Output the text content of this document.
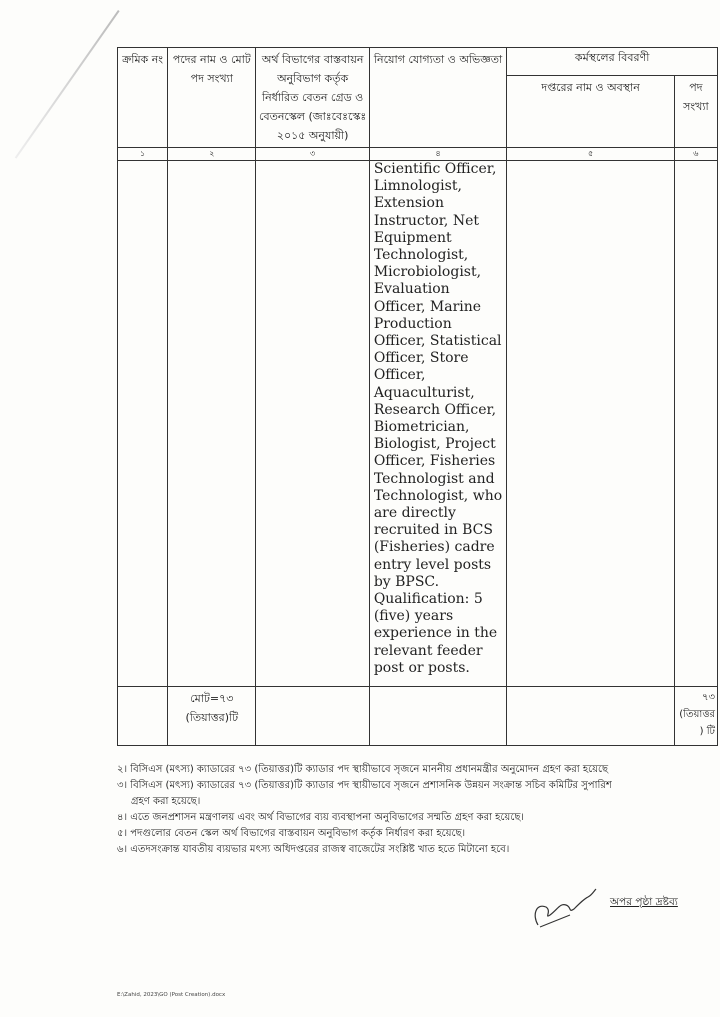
ক্রমিক নং	পদের নাম ও মোট পদ সংখ্যা	অর্থ বিভাগের বাস্তবায়ন অনুবিভাগ কর্তৃক নির্ধারিত বেতন গ্রেড ও বেতনস্কেল (জাঃবেঃস্কেঃ ২০১৫ অনুযায়ী)	নিয়োগ যোগ্যতা ও অভিজ্ঞতা	কর্মস্থলের বিবরণী	
				দপ্তরের নাম ও অবস্থান	পদ সংখ্যা
১	২	৩	৪	৫	৬

			Scientific Officer, Limnologist, Extension Instructor, Net Equipment Technologist, Microbiologist, Evaluation Officer, Marine Production Officer, Statistical Officer, Store Officer, Aquaculturist, Research Officer, Biometrician, Biologist, Project Officer, Fisheries Technologist and Technologist, who are directly recruited in BCS (Fisheries) cadre entry level posts by BPSC.
Qualification: 5 (five) years experience in the relevant feeder post or posts.		

	মোট=৭৩ (তিয়াত্তর)টি				৭৩ (তিয়াত্তর) টি
২। বিসিএস (মৎস্য) ক্যাডারের ৭৩ (তিয়াত্তর)টি ক্যাডার পদ স্থায়ীভাবে সৃজনে মাননীয় প্রধানমন্ত্রীর অনুমোদন গ্রহণ করা হয়েছে
৩। বিসিএস (মৎস্য) ক্যাডারের ৭৩ (তিয়াত্তর)টি ক্যাডার পদ স্থায়ীভাবে সৃজনে প্রশাসনিক উন্নয়ন সংক্রান্ত সচিব কমিটির সুপারিশ
গ্রহণ করা হয়েছে।
৪। এতে জনপ্রশাসন মন্ত্রণালয় এবং অর্থ বিভাগের ব্যয় ব্যবস্থাপনা অনুবিভাগের সম্মতি গ্রহণ করা হয়েছে।
৫। পদগুলোর বেতন স্কেল অর্থ বিভাগের বাস্তবায়ন অনুবিভাগ কর্তৃক নির্ধারণ করা হয়েছে।
৬। এতদসংক্রান্ত যাবতীয় ব্যয়ভার মৎস্য অধিদপ্তরের রাজস্ব বাজেটের সংশ্লিষ্ট খাত হতে মিটানো হবে।
অপর পৃষ্ঠা দ্রষ্টব্য
E:\Zahid, 2023\GO (Post Creation).docx
